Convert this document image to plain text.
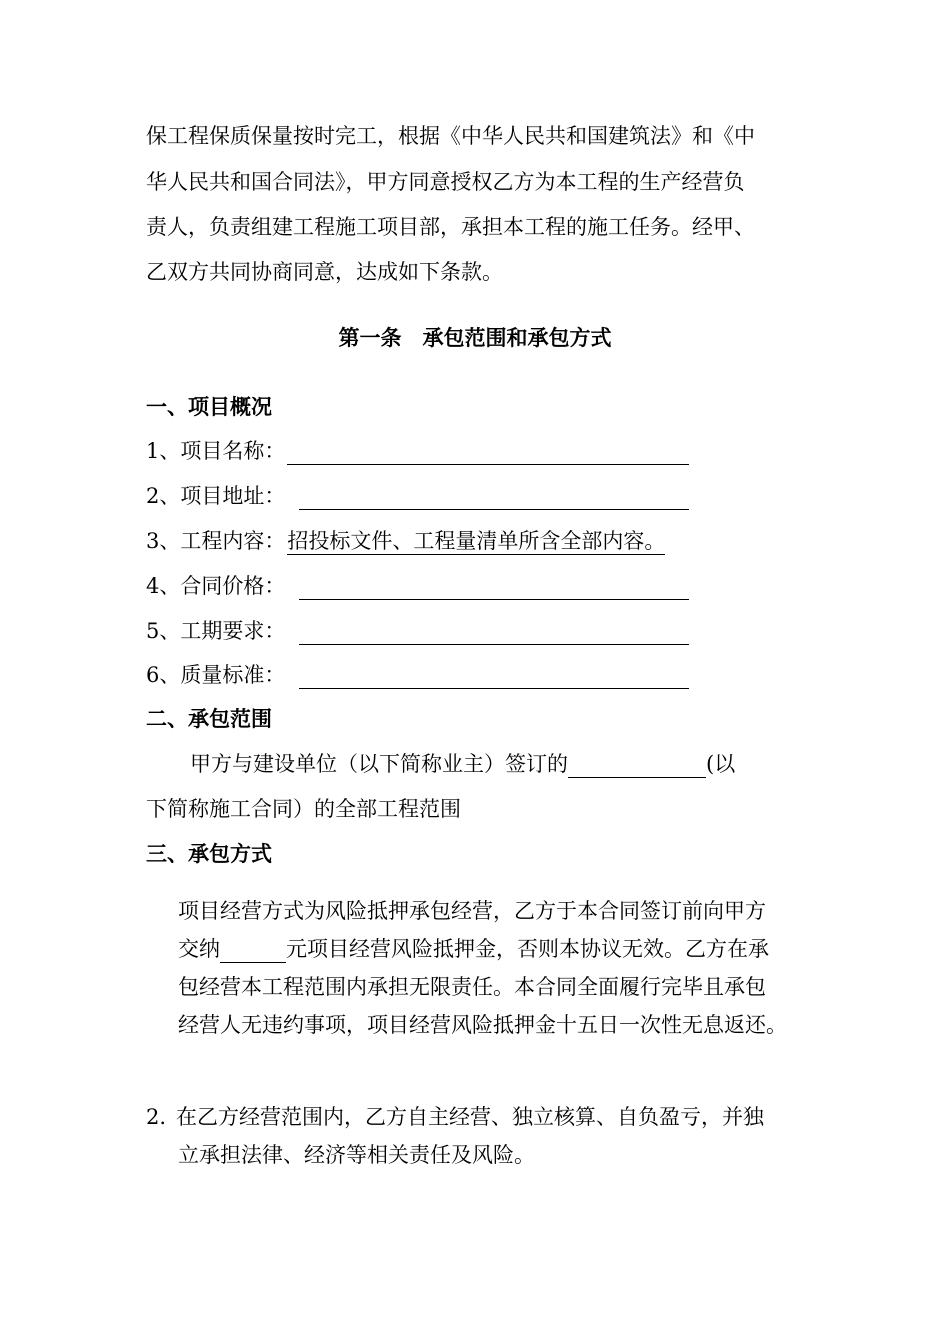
保工程保质保量按时完工，根据《中华人民共和国建筑法》和《中
华人民共和国合同法》，甲方同意授权乙方为本工程的生产经营负
责人，负责组建工程施工项目部，承担本工程的施工任务。经甲、
乙双方共同协商同意，达成如下条款。
第一条　承包范围和承包方式
一、项目概况
1、项目名称：
2、项目地址：
3、工程内容：招投标文件、工程量清单所含全部内容。
4、合同价格：
5、工期要求：
6、质量标准：
二、承包范围
甲方与建设单位（以下简称业主）签订的	(以
下简称施工合同）的全部工程范围
三、承包方式
项目经营方式为风险抵押承包经营，乙方于本合同签订前向甲方
交纳	元项目经营风险抵押金，否则本协议无效。乙方在承
包经营本工程范围内承担无限责任。本合同全面履行完毕且承包
经营人无违约事项，项目经营风险抵押金十五日一次性无息返还。
2. 在乙方经营范围内，乙方自主经营、独立核算、自负盈亏，并独
立承担法律、经济等相关责任及风险。
